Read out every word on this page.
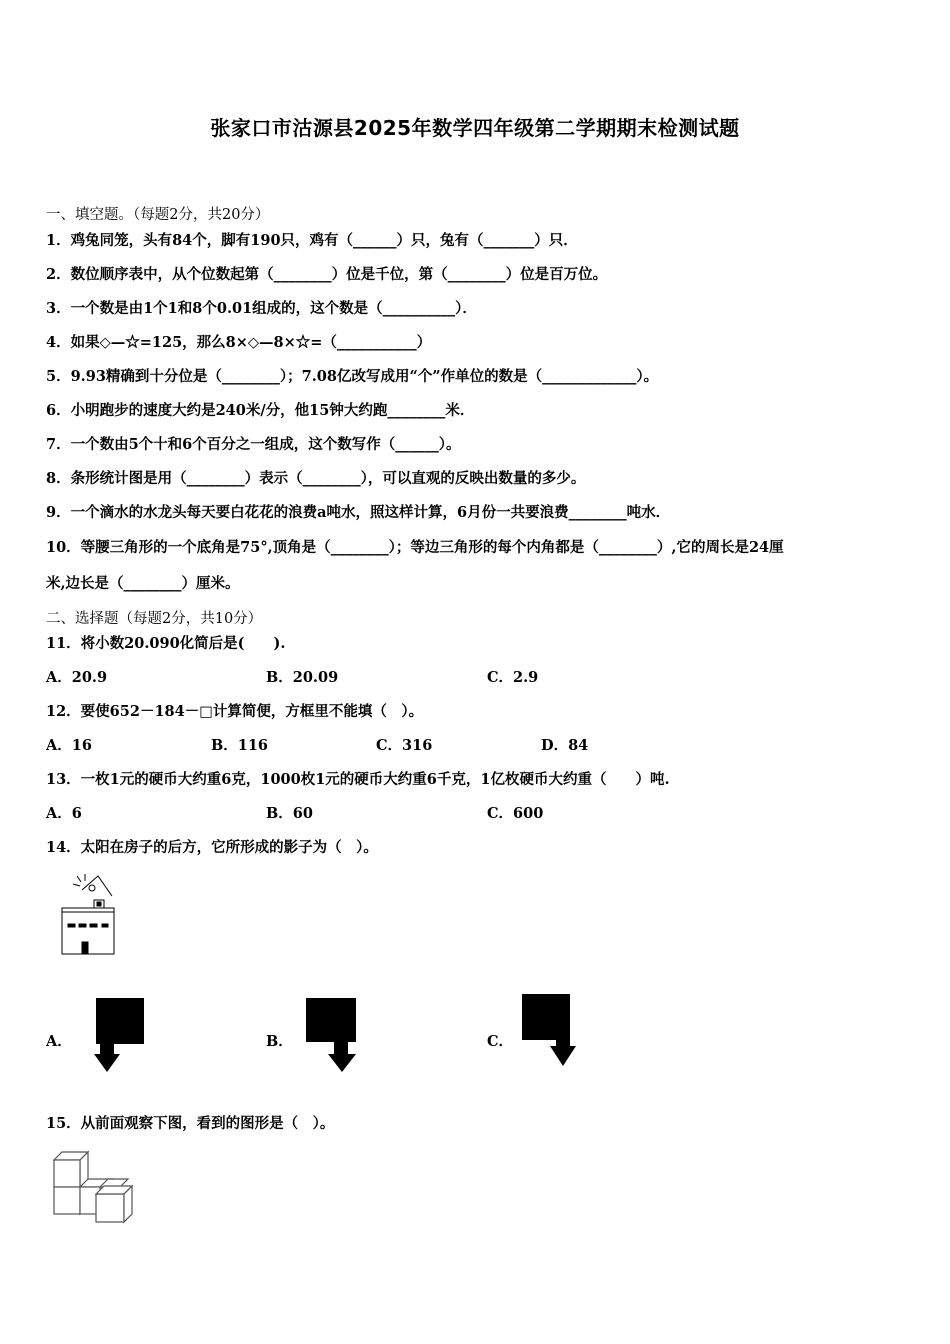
张家口市沽源县2025年数学四年级第二学期期末检测试题
一、填空题。（每题2分，共20分）
1．鸡兔同笼，头有84个，脚有190只，鸡有（______）只，兔有（_______）只．
2．数位顺序表中，从个位数起第（________）位是千位，第（________）位是百万位。
3．一个数是由1个1和8个0.01组成的，这个数是（__________）．
4．如果◇—☆=125，那么8×◇—8×☆=（___________）
5．9.93精确到十分位是（________）；7.08亿改写成用“个”作单位的数是（_____________）。
6．小明跑步的速度大约是240米/分，他15钟大约跑________米．
7．一个数由5个十和6个百分之一组成，这个数写作（______）。
8．条形统计图是用（________）表示（________），可以直观的反映出数量的多少。
9．一个滴水的水龙头每天要白花花的浪费a吨水，照这样计算，6月份一共要浪费________吨水．
10．等腰三角形的一个底角是75°,顶角是（________）；等边三角形的每个内角都是（________）,它的周长是24厘
米,边长是（________）厘米。
二、选择题（每题2分，共10分）
11．将小数20.090化简后是(　　).
A．20.9	B．20.09	C．2.9
12．要使652－184－□计算简便，方框里不能填（　）。
A．16	B．116	C．316	D．84
13．一枚1元的硬币大约重6克，1000枚1元的硬币大约重6千克，1亿枚硬币大约重（　　）吨.
A．6	B．60	C．600
14．太阳在房子的后方，它所形成的影子为（　）。
A．	B．	C．
15．从前面观察下图，看到的图形是（　）。
